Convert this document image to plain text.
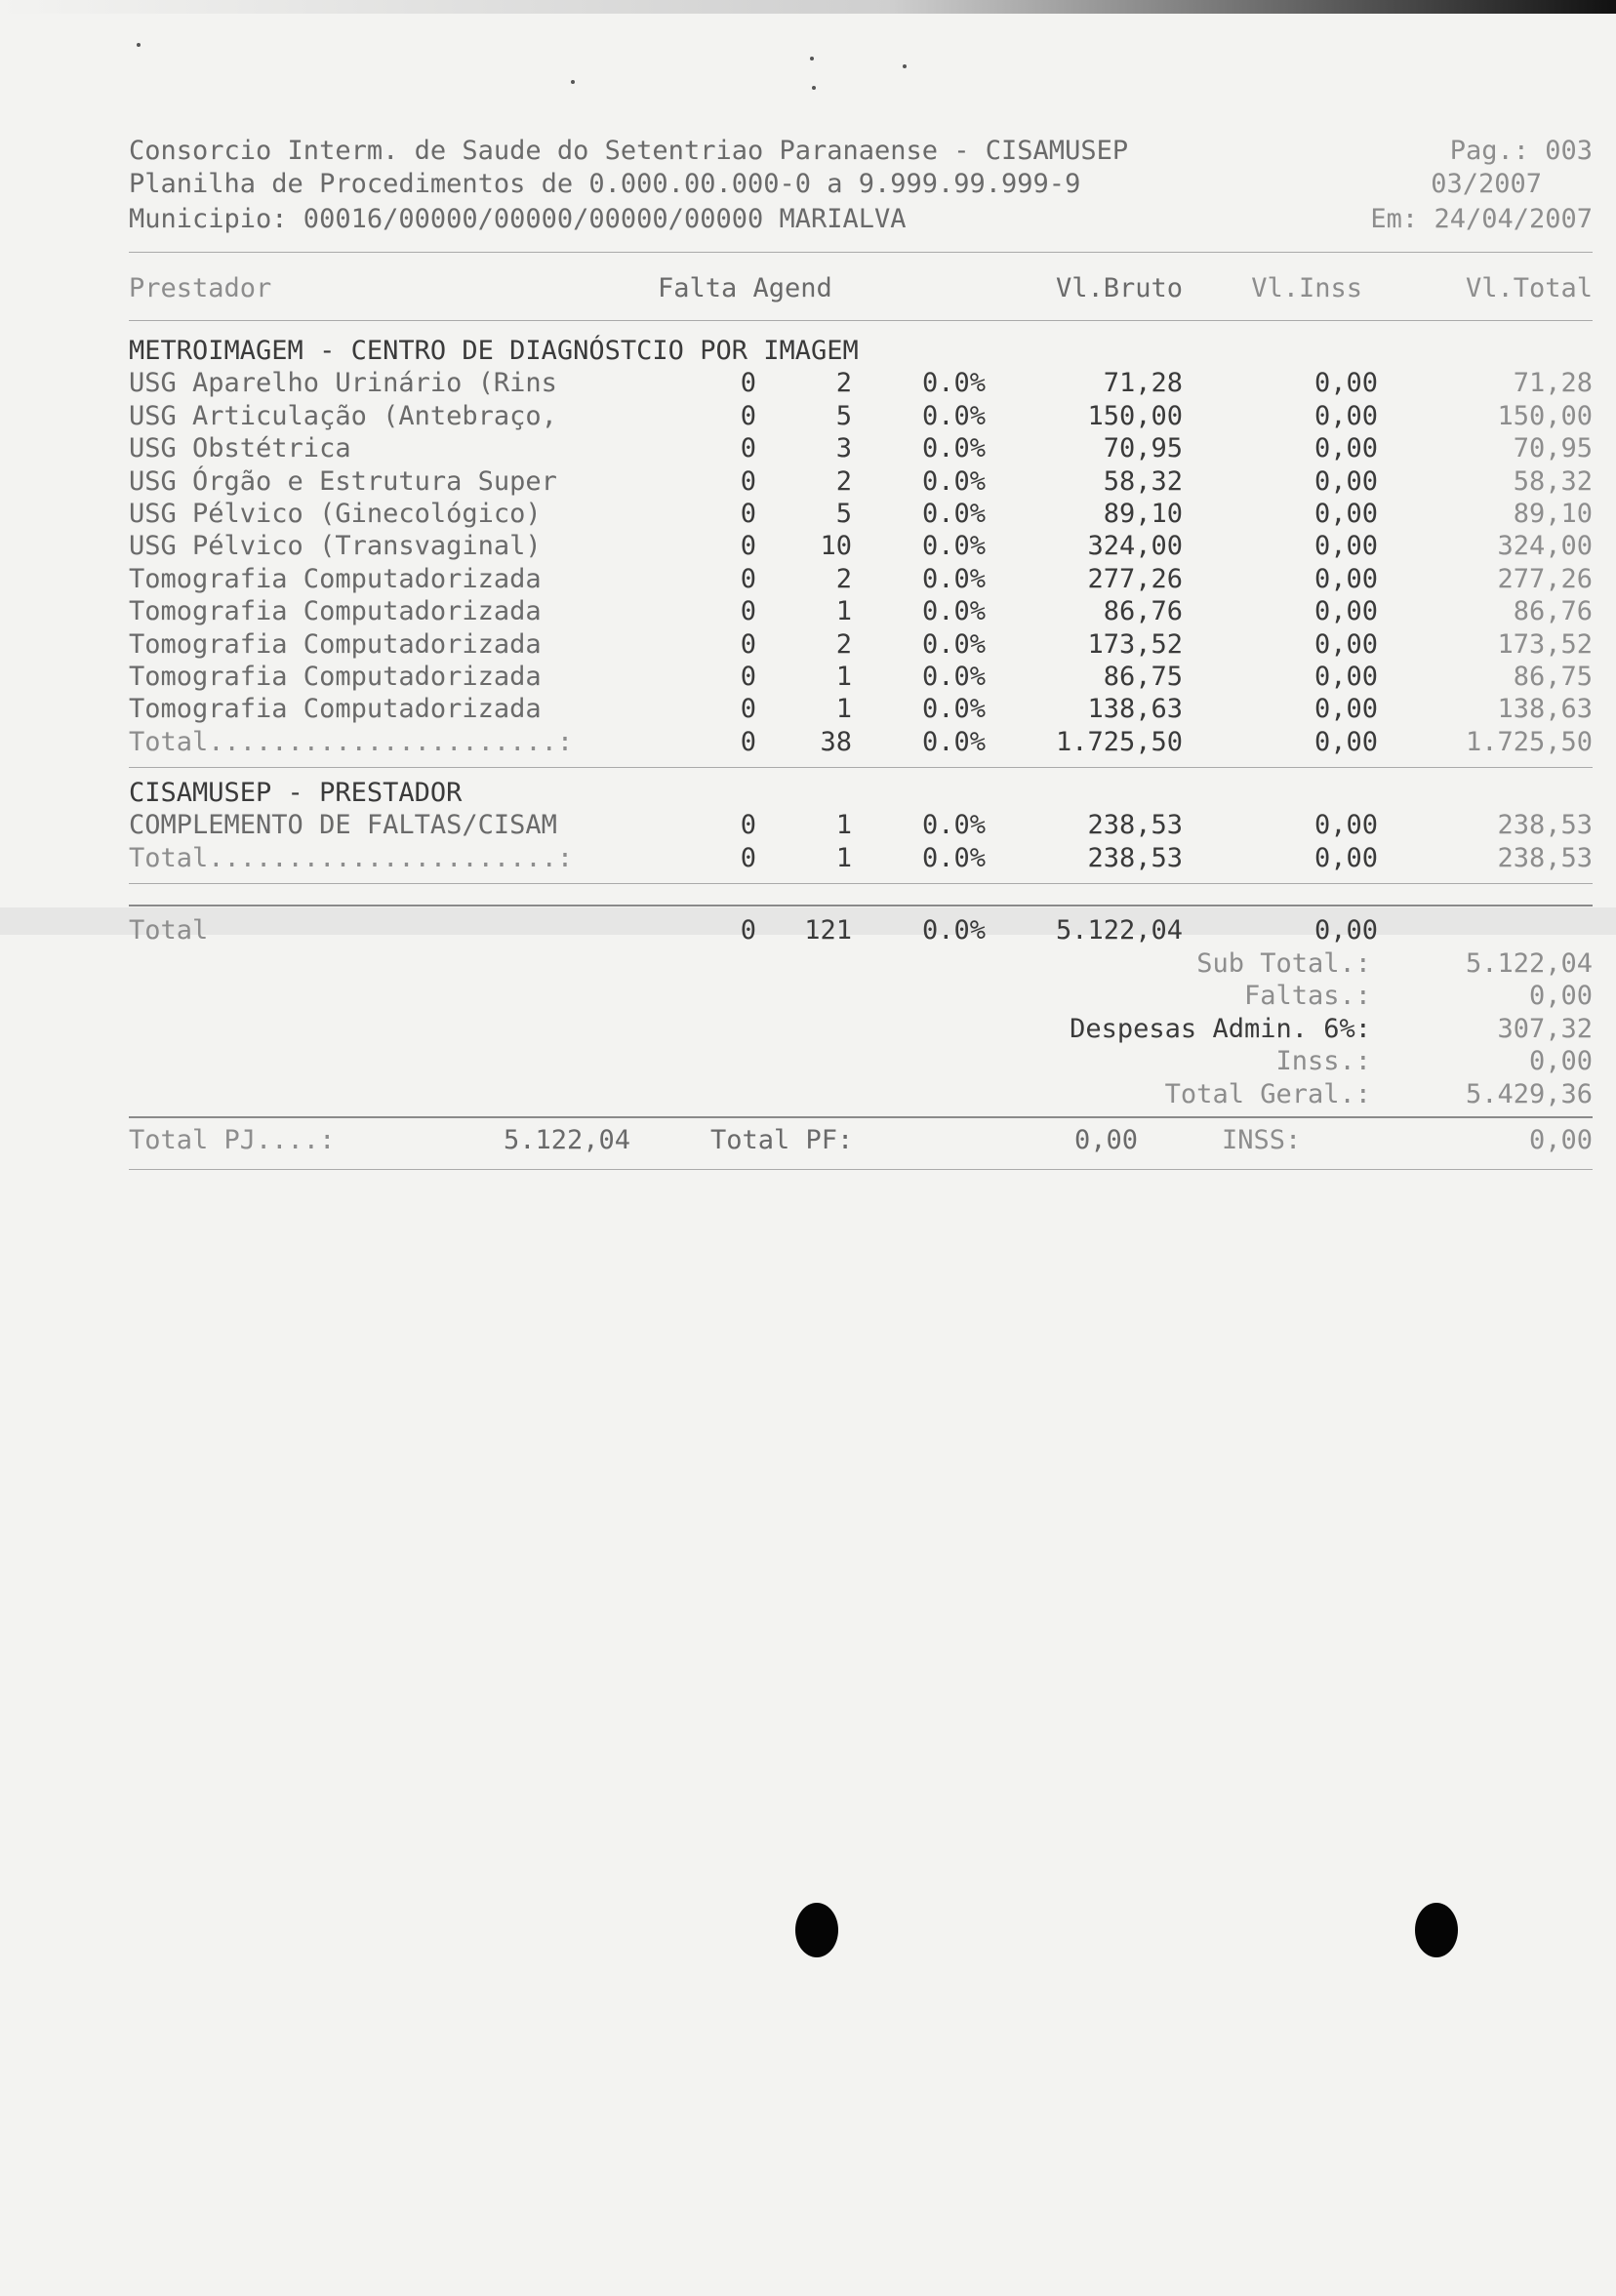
Consorcio Interm. de Saude do Setentriao Paranaense - CISAMUSEP	Pag.: 003
Planilha de Procedimentos de 0.000.00.000-0 a 9.999.99.999-9	03/2007
Municipio: 00016/00000/00000/00000/00000 MARIALVA	Em: 24/04/2007
Prestador	Falta Agend	Vl.Bruto	Vl.Inss	Vl.Total
METROIMAGEM - CENTRO DE DIAGNÓSTCIO POR IMAGEM
USG Aparelho Urinário (Rins	0	2	0.0%	71,28	0,00	71,28
USG Articulação (Antebraço,	0	5	0.0%	150,00	0,00	150,00
USG Obstétrica	0	3	0.0%	70,95	0,00	70,95
USG Órgão e Estrutura Super	0	2	0.0%	58,32	0,00	58,32
USG Pélvico (Ginecológico)	0	5	0.0%	89,10	0,00	89,10
USG Pélvico (Transvaginal)	0 10	0.0%	324,00	0,00	324,00
Tomografia Computadorizada	0	2	0.0%	277,26	0,00	277,26
Tomografia Computadorizada	0	1	0.0%	86,76	0,00	86,76
Tomografia Computadorizada	0	2	0.0%	173,52	0,00	173,52
Tomografia Computadorizada	0	1	0.0%	86,75	0,00	86,75
Tomografia Computadorizada	0	1	0.0%	138,63	0,00	138,63
Total......................:	0 38	0.0%	1.725,50	0,00	1.725,50
CISAMUSEP - PRESTADOR
COMPLEMENTO DE FALTAS/CISAM	0	1	0.0%	238,53	0,00	238,53
Total......................:	0	1	0.0%	238,53	0,00	238,53
Total	0 121	0.0%	5.122,04	0,00
Sub Total.:	5.122,04
Faltas.:	0,00
Despesas Admin. 6%:	307,32
Inss.:	0,00
Total Geral.:	5.429,36
Total PJ....:	5.122,04	Total PF:	0,00	INSS:	0,00
